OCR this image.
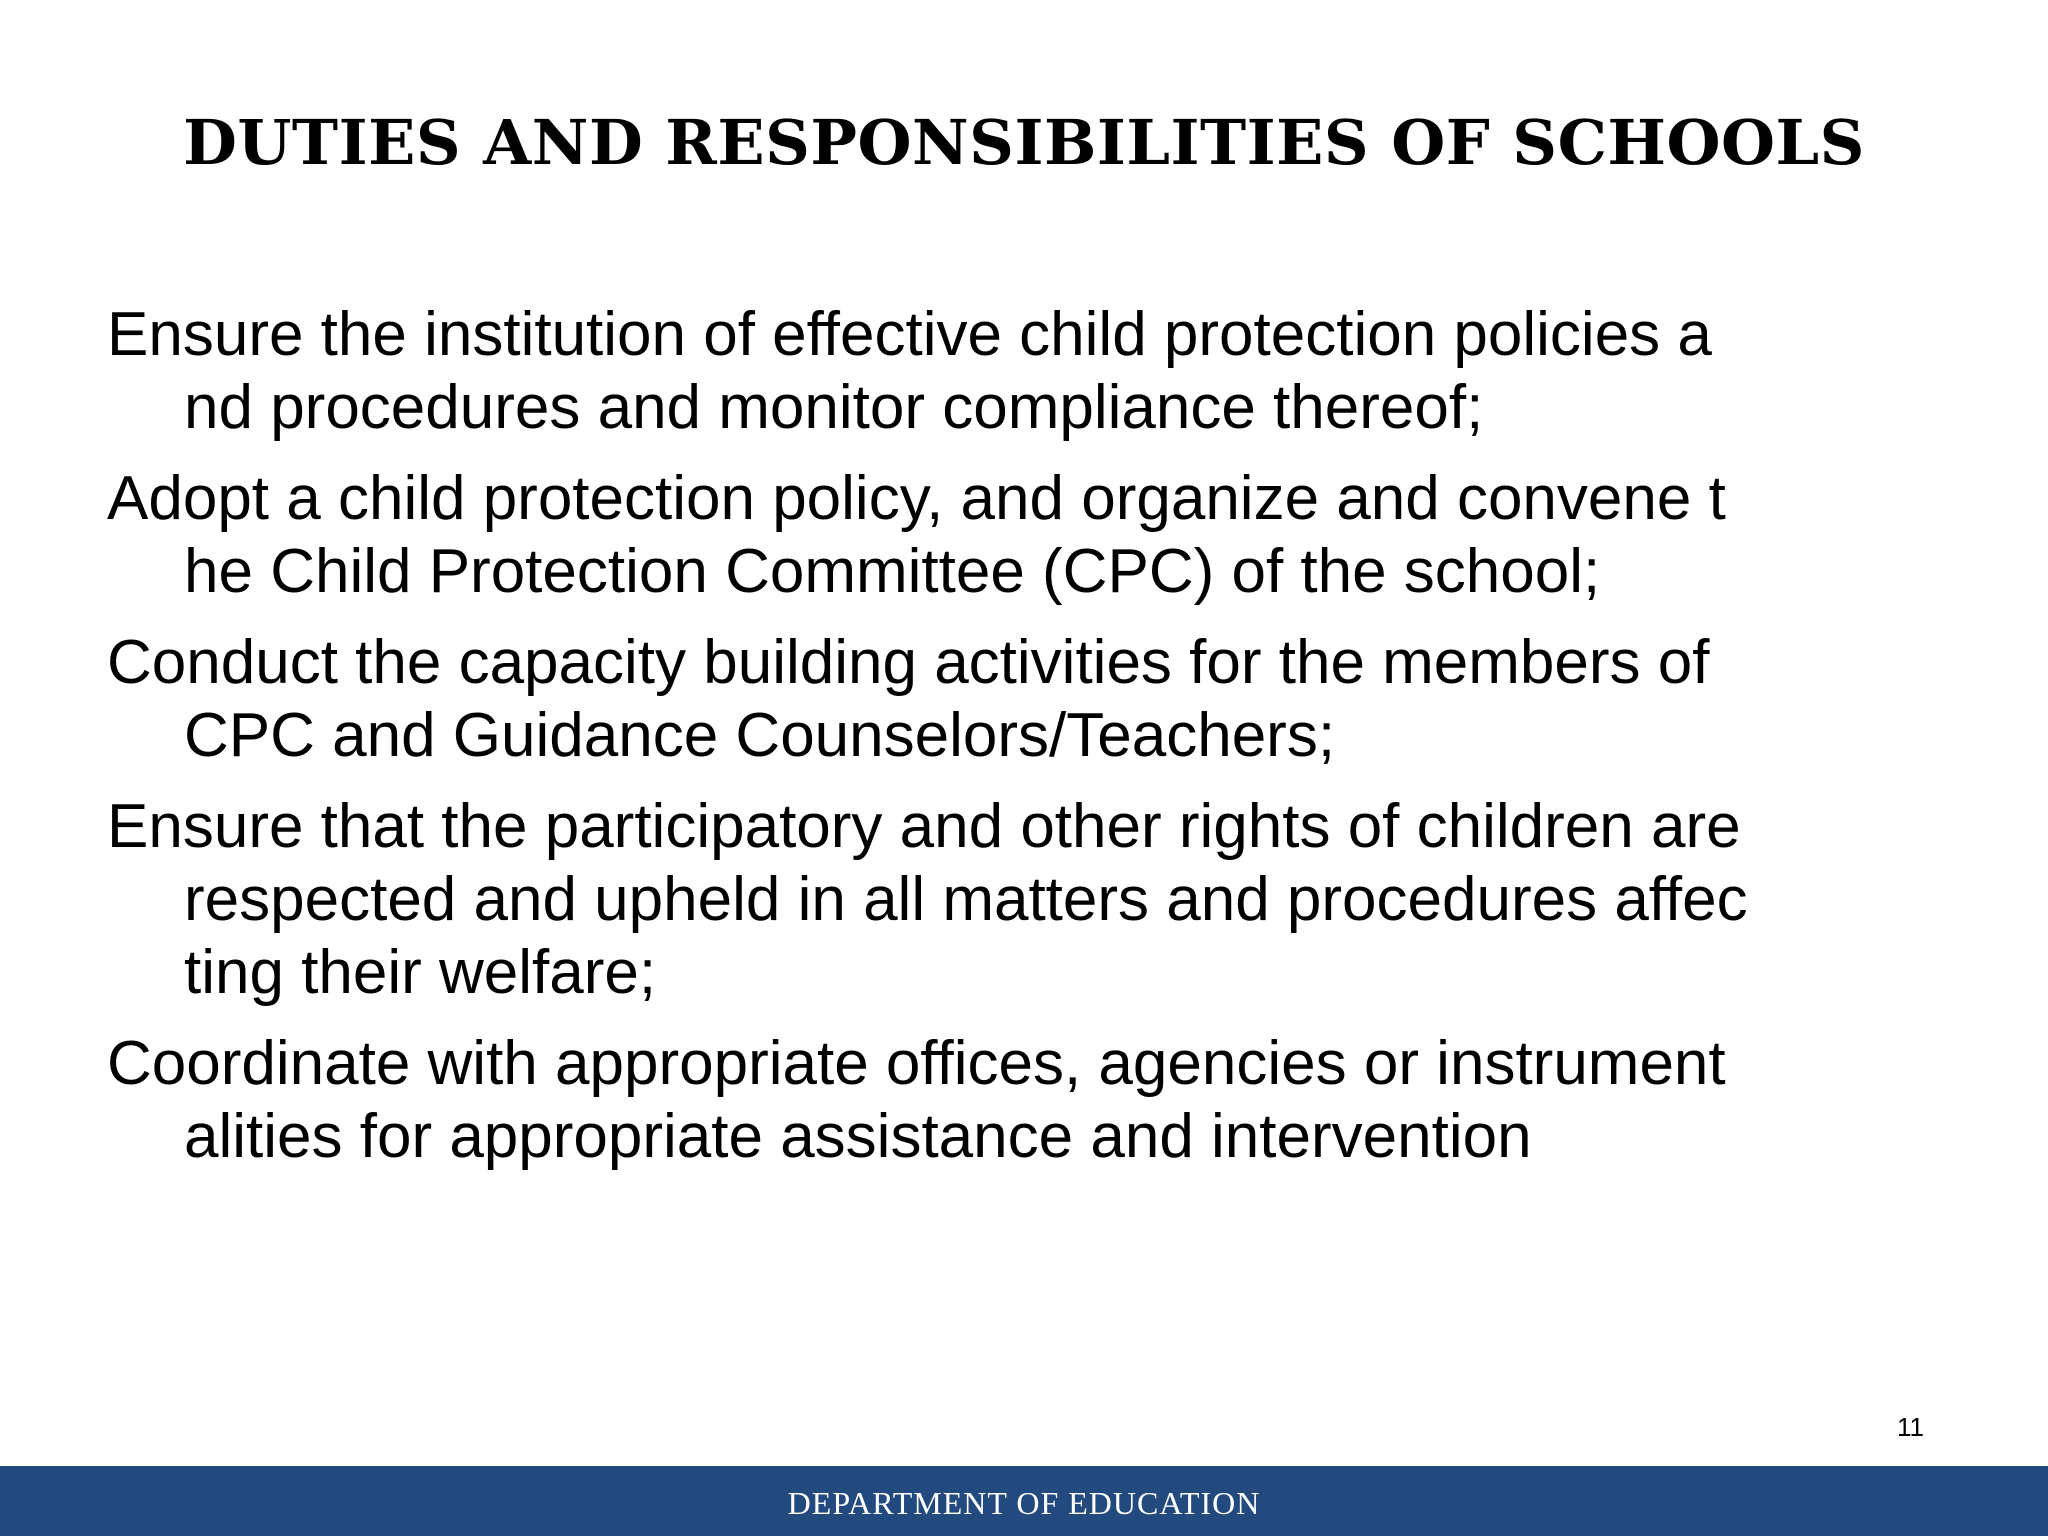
DUTIES AND RESPONSIBILITIES OF SCHOOLS
Ensure the institution of effective child protection policies a
nd procedures and monitor compliance thereof;
Adopt a child protection policy, and organize and convene t
he Child Protection Committee (CPC) of the school;
Conduct the capacity building activities for the members of
CPC and Guidance Counselors/Teachers;
Ensure that the participatory and other rights of children are
respected and upheld in all matters and procedures affec
ting their welfare;
Coordinate with appropriate offices, agencies or instrument
alities for appropriate assistance and intervention
11
DEPARTMENT OF EDUCATION
